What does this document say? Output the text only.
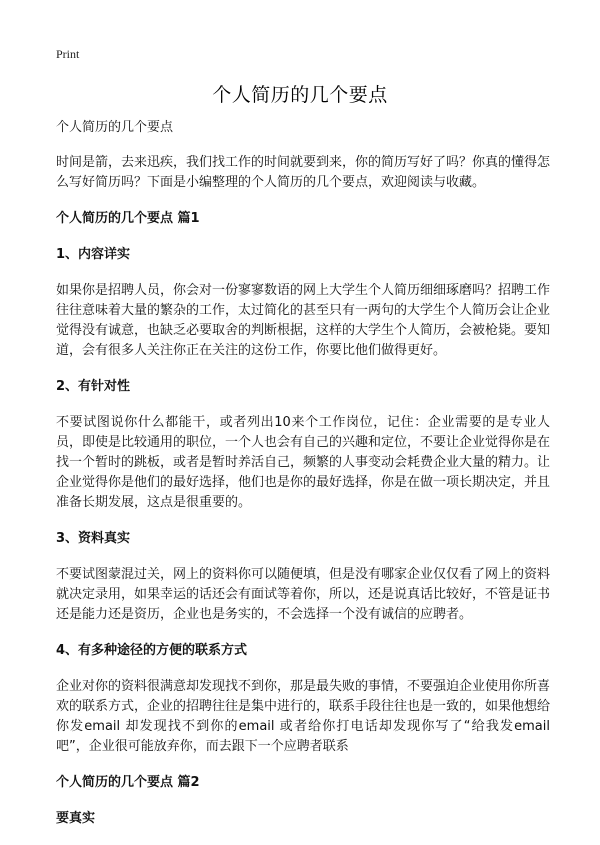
Print
个人简历的几个要点

个人简历的几个要点

时间是箭，去来迅疾，我们找工作的时间就要到来，你的简历写好了吗？你真的懂得怎么写好简历吗？下面是小编整理的个人简历的几个要点，欢迎阅读与收藏。

个人简历的几个要点 篇1

1、内容详实

如果你是招聘人员，你会对一份寥寥数语的网上大学生个人简历细细琢磨吗？招聘工作往往意味着大量的繁杂的工作，太过简化的甚至只有一两句的大学生个人简历会让企业觉得没有诚意，也缺乏必要取舍的判断根据，这样的大学生个人简历，会被枪毙。要知道，会有很多人关注你正在关注的这份工作，你要比他们做得更好。

2、有针对性

不要试图说你什么都能干，或者列出10来个工作岗位，记住：企业需要的是专业人员，即使是比较通用的职位，一个人也会有自己的兴趣和定位，不要让企业觉得你是在找一个暂时的跳板，或者是暂时养活自己，频繁的人事变动会耗费企业大量的精力。让企业觉得你是他们的最好选择，他们也是你的最好选择，你是在做一项长期决定，并且准备长期发展，这点是很重要的。

3、资料真实

不要试图蒙混过关，网上的资料你可以随便填，但是没有哪家企业仅仅看了网上的资料就决定录用，如果幸运的话还会有面试等着你，所以，还是说真话比较好，不管是证书还是能力还是资历，企业也是务实的，不会选择一个没有诚信的应聘者。

4、有多种途径的方便的联系方式

企业对你的资料很满意却发现找不到你，那是最失败的事情，不要强迫企业使用你所喜欢的联系方式，企业的招聘往往是集中进行的，联系手段往往也是一致的，如果他想给你发email 却发现找不到你的email 或者给你打电话却发现你写了“给我发email 吧”，企业很可能放弃你，而去跟下一个应聘者联系

个人简历的几个要点 篇2

要真实
